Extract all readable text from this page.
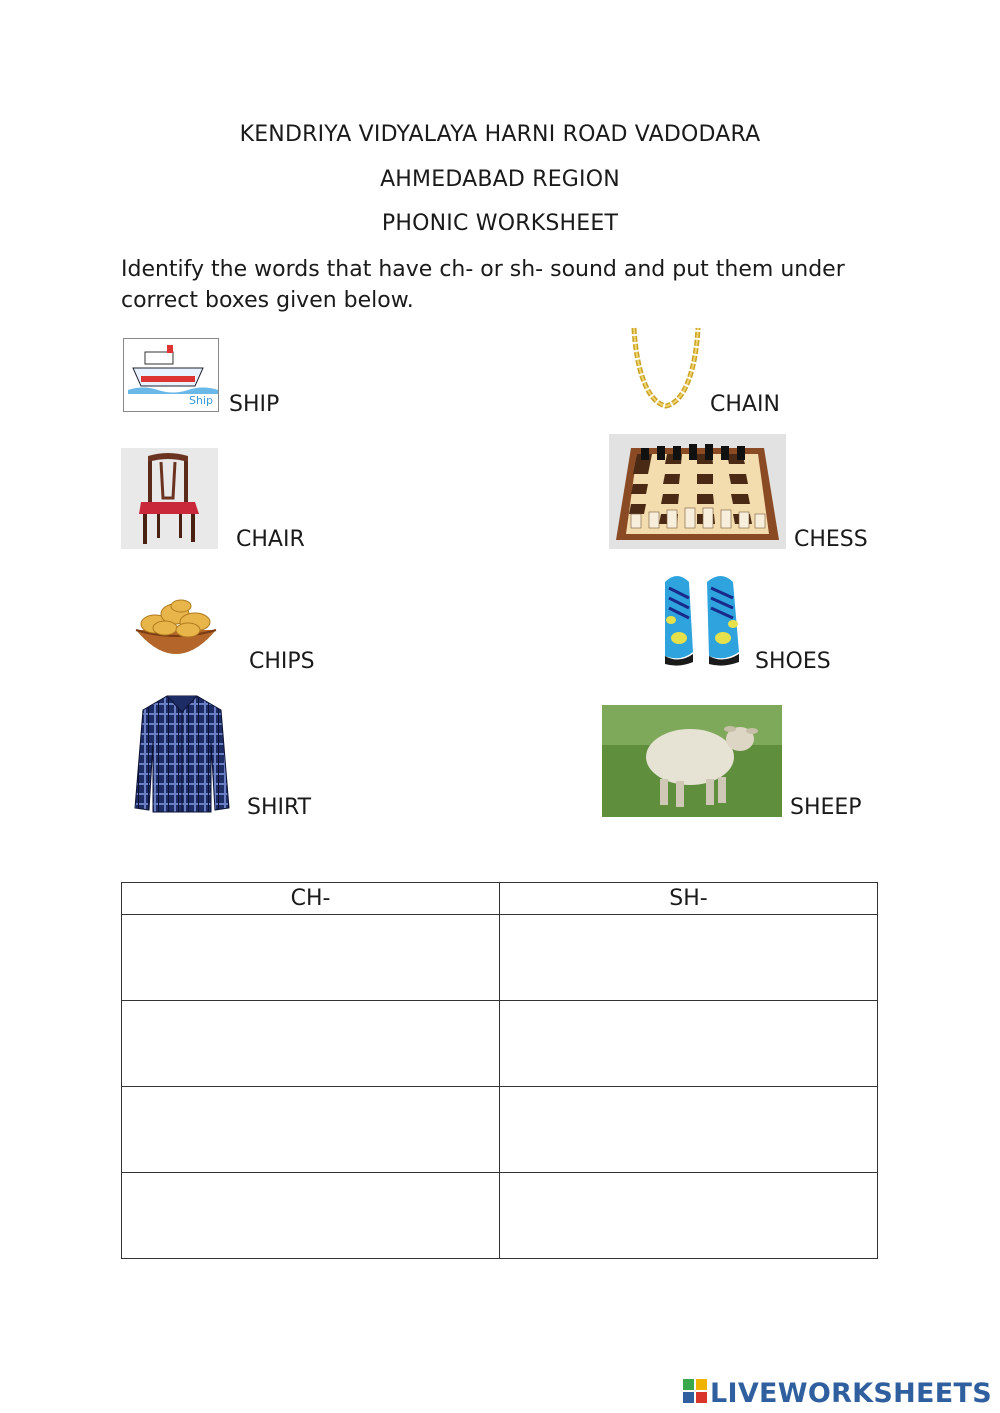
KENDRIYA VIDYALAYA HARNI ROAD VADODARA
AHMEDABAD REGION
PHONIC WORKSHEET
Identify the words that have ch- or sh- sound and put them under correct boxes given below.
Ship SHIP	CHAIN
CHAIR	CHESS
CHIPS	SHOES
SHIRT	SHEEP
CH-	SH-

LIVEWORKSHEETS
